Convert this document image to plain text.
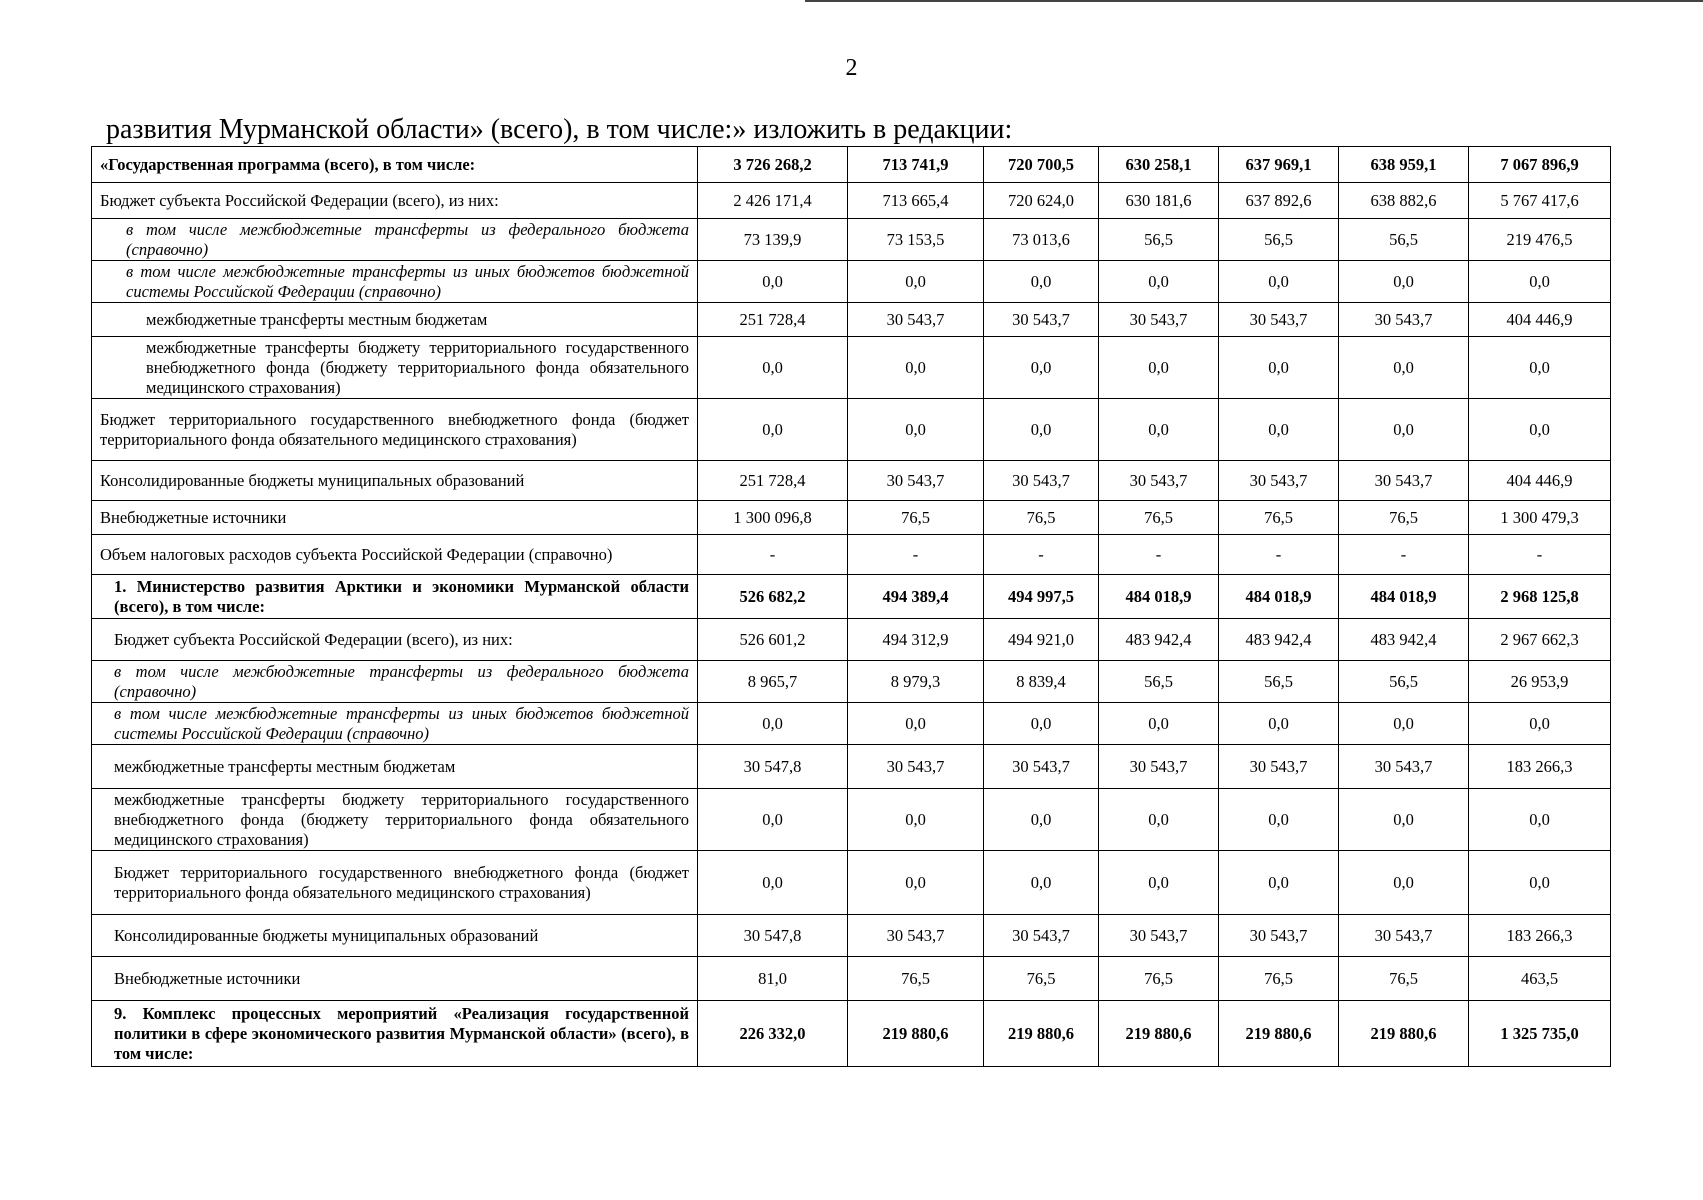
2
развития Мурманской области» (всего), в том числе:» изложить в редакции:
«Государственная программа (всего), в том числе:	3 726 268,2	713 741,9	720 700,5	630 258,1	637 969,1	638 959,1	7 067 896,9
Бюджет субъекта Российской Федерации (всего), из них:	2 426 171,4	713 665,4	720 624,0	630 181,6	637 892,6	638 882,6	5 767 417,6
в том числе межбюджетные трансферты из федерального бюджета (справочно)	73 139,9	73 153,5	73 013,6	56,5	56,5	56,5	219 476,5
в том числе межбюджетные трансферты из иных бюджетов бюджетной системы Российской Федерации (справочно)	0,0	0,0	0,0	0,0	0,0	0,0	0,0
межбюджетные трансферты местным бюджетам	251 728,4	30 543,7	30 543,7	30 543,7	30 543,7	30 543,7	404 446,9
межбюджетные трансферты бюджету территориального государственного внебюджетного фонда (бюджету территориального фонда обязательного медицинского страхования)	0,0	0,0	0,0	0,0	0,0	0,0	0,0
Бюджет территориального государственного внебюджетного фонда (бюджет территориального фонда обязательного медицинского страхования)	0,0	0,0	0,0	0,0	0,0	0,0	0,0
Консолидированные бюджеты муниципальных образований	251 728,4	30 543,7	30 543,7	30 543,7	30 543,7	30 543,7	404 446,9
Внебюджетные источники	1 300 096,8	76,5	76,5	76,5	76,5	76,5	1 300 479,3
Объем налоговых расходов субъекта Российской Федерации (справочно)	-	-	-	-	-	-	-
1. Министерство развития Арктики и экономики Мурманской области (всего), в том числе:	526 682,2	494 389,4	494 997,5	484 018,9	484 018,9	484 018,9	2 968 125,8
Бюджет субъекта Российской Федерации (всего), из них:	526 601,2	494 312,9	494 921,0	483 942,4	483 942,4	483 942,4	2 967 662,3
в том числе межбюджетные трансферты из федерального бюджета (справочно)	8 965,7	8 979,3	8 839,4	56,5	56,5	56,5	26 953,9
в том числе межбюджетные трансферты из иных бюджетов бюджетной системы Российской Федерации (справочно)	0,0	0,0	0,0	0,0	0,0	0,0	0,0
межбюджетные трансферты местным бюджетам	30 547,8	30 543,7	30 543,7	30 543,7	30 543,7	30 543,7	183 266,3
межбюджетные трансферты бюджету территориального государственного внебюджетного фонда (бюджету территориального фонда обязательного медицинского страхования)	0,0	0,0	0,0	0,0	0,0	0,0	0,0
Бюджет территориального государственного внебюджетного фонда (бюджет территориального фонда обязательного медицинского страхования)	0,0	0,0	0,0	0,0	0,0	0,0	0,0
Консолидированные бюджеты муниципальных образований	30 547,8	30 543,7	30 543,7	30 543,7	30 543,7	30 543,7	183 266,3
Внебюджетные источники	81,0	76,5	76,5	76,5	76,5	76,5	463,5
9. Комплекс процессных мероприятий «Реализация государственной политики в сфере экономического развития Мурманской области» (всего), в том числе:	226 332,0	219 880,6	219 880,6	219 880,6	219 880,6	219 880,6	1 325 735,0
